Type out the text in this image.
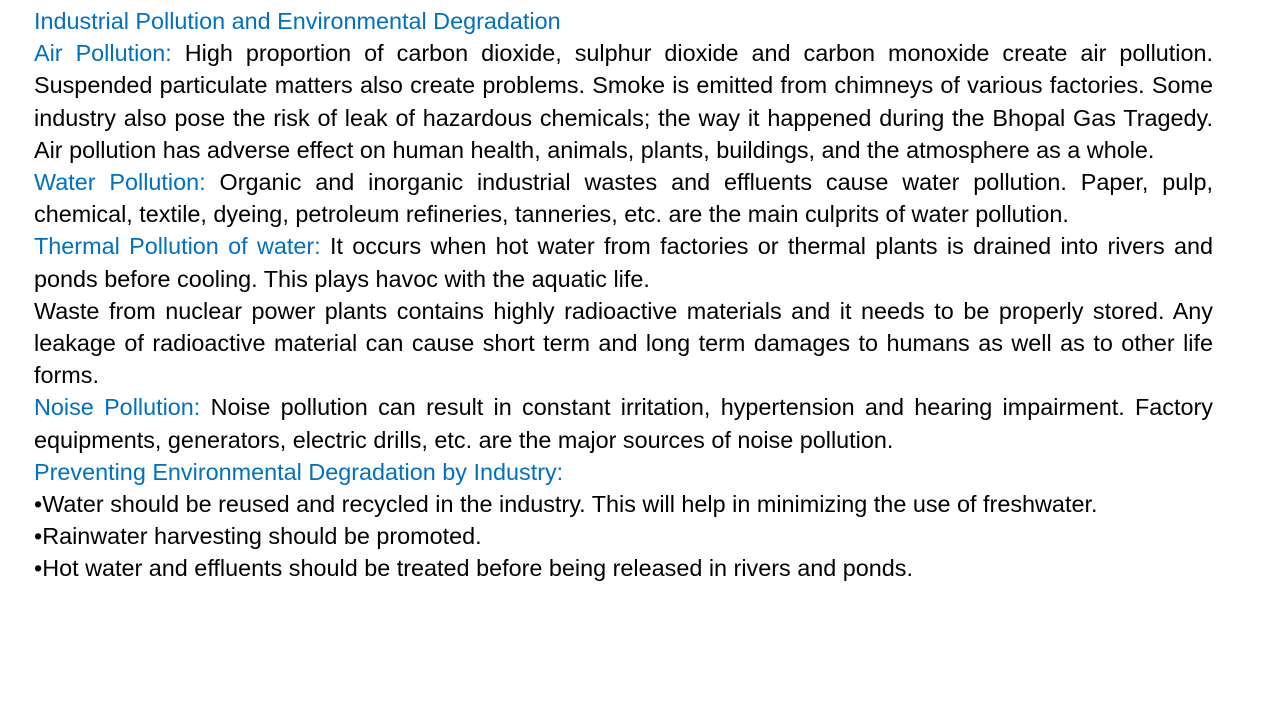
Industrial Pollution and Environmental Degradation

Air Pollution: High proportion of carbon dioxide, sulphur dioxide and carbon monoxide create air pollution. Suspended particulate matters also create problems. Smoke is emitted from chimneys of various factories. Some industry also pose the risk of leak of hazardous chemicals; the way it happened during the Bhopal Gas Tragedy. Air pollution has adverse effect on human health, animals, plants, buildings, and the atmosphere as a whole.

Water Pollution: Organic and inorganic industrial wastes and effluents cause water pollution. Paper, pulp, chemical, textile, dyeing, petroleum refineries, tanneries, etc. are the main culprits of water pollution.

Thermal Pollution of water: It occurs when hot water from factories or thermal plants is drained into rivers and ponds before cooling. This plays havoc with the aquatic life.

Waste from nuclear power plants contains highly radioactive materials and it needs to be properly stored. Any leakage of radioactive material can cause short term and long term damages to humans as well as to other life forms.

Noise Pollution: Noise pollution can result in constant irritation, hypertension and hearing impairment. Factory equipments, generators, electric drills, etc. are the major sources of noise pollution.

Preventing Environmental Degradation by Industry:

•Water should be reused and recycled in the industry. This will help in minimizing the use of freshwater.

•Rainwater harvesting should be promoted.

•Hot water and effluents should be treated before being released in rivers and ponds.
